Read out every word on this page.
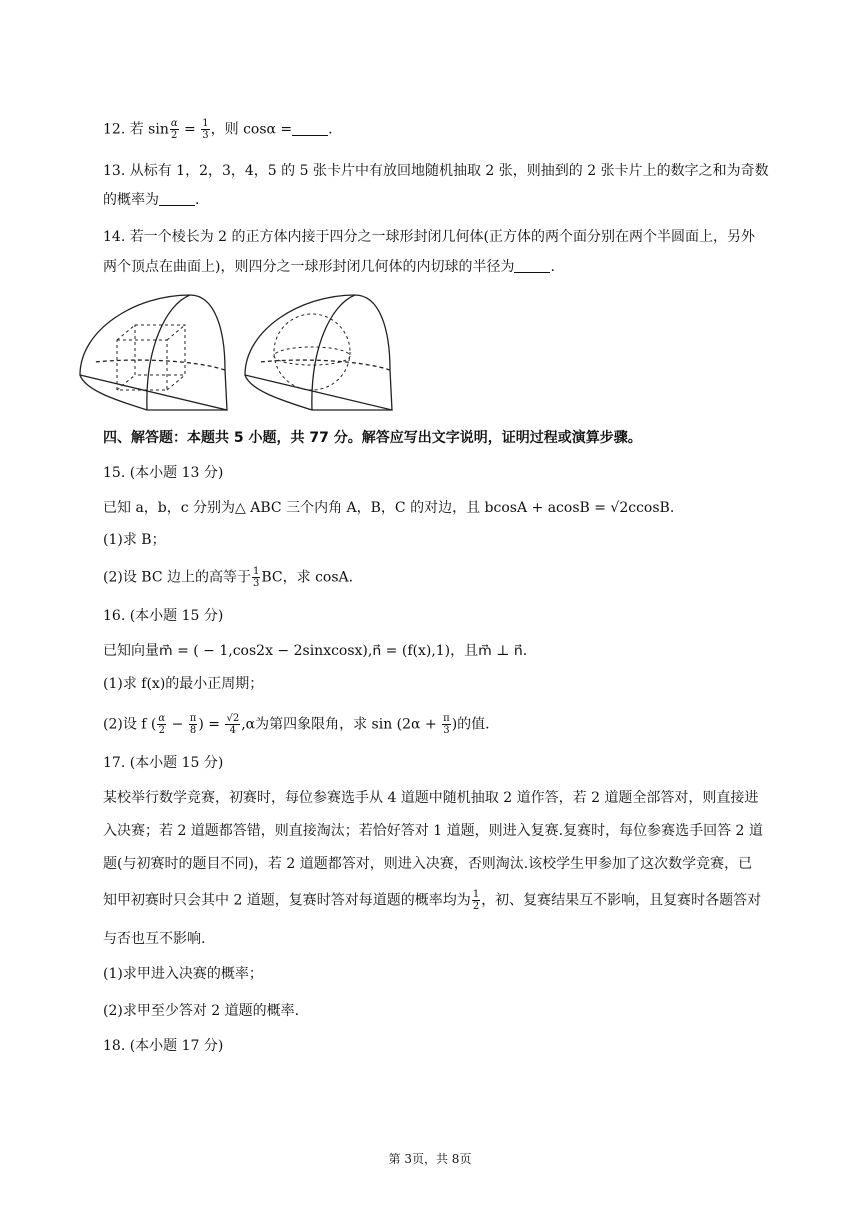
12. 若 $\sin \frac{\alpha}{2} = \frac{1}{3}$ ，则 cosα =	.
13. 从标有 1，2，3，4，5 的 5 张卡片中有放回地随机抽取 2 张，则抽到的 2 张卡片上的数字之和为奇数
的概率为	.
14. 若一个棱长为 2 的正方体内接于四分之一球形封闭几何体(正方体的两个面分别在两个半圆面上，另外
两个顶点在曲面上)，则四分之一球形封闭几何体的内切球的半径为	.
四、解答题：本题共 5 小题，共 77 分。解答应写出文字说明，证明过程或演算步骤。
15. (本小题 13 分)
已知 a，b，c 分别为△ ABC 三个内角 A，B，C 的对边，且 bcosA + acosB = √2ccosB.
(1)求 B；
(2)设 BC 边上的高等于 $\frac{1}{3}$ BC，求 cosA.
16. (本小题 15 分)
已知向量m⃗ = ( − 1,cos2x − 2sinxcosx),n⃗ = (f(x),1)，且m⃗ ⊥ n⃗.
(1)求 f(x)的最小正周期；
(2)设 f ( $\frac{\alpha}{2} - \frac{\pi}{8}$ ) = $\frac{√2}{4} ,\alpha$为第四象限角，求 $\sin (2\alpha + \frac{\pi}{3}$ )的值.
17. (本小题 15 分)
某校举行数学竞赛，初赛时，每位参赛选手从 4 道题中随机抽取 2 道作答，若 2 道题全部答对，则直接进
入决赛；若 2 道题都答错，则直接淘汰；若恰好答对 1 道题，则进入复赛.复赛时，每位参赛选手回答 2 道
题(与初赛时的题目不同)，若 2 道题都答对，则进入决赛，否则淘汰.该校学生甲参加了这次数学竞赛，已
知甲初赛时只会其中 2 道题，复赛时答对每道题的概率均为 $\frac{1}{2}$ ，初、复赛结果互不影响，且复赛时各题答对
与否也互不影响.
(1)求甲进入决赛的概率；
(2)求甲至少答对 2 道题的概率.
18. (本小题 17 分)
第 3页，共 8页
